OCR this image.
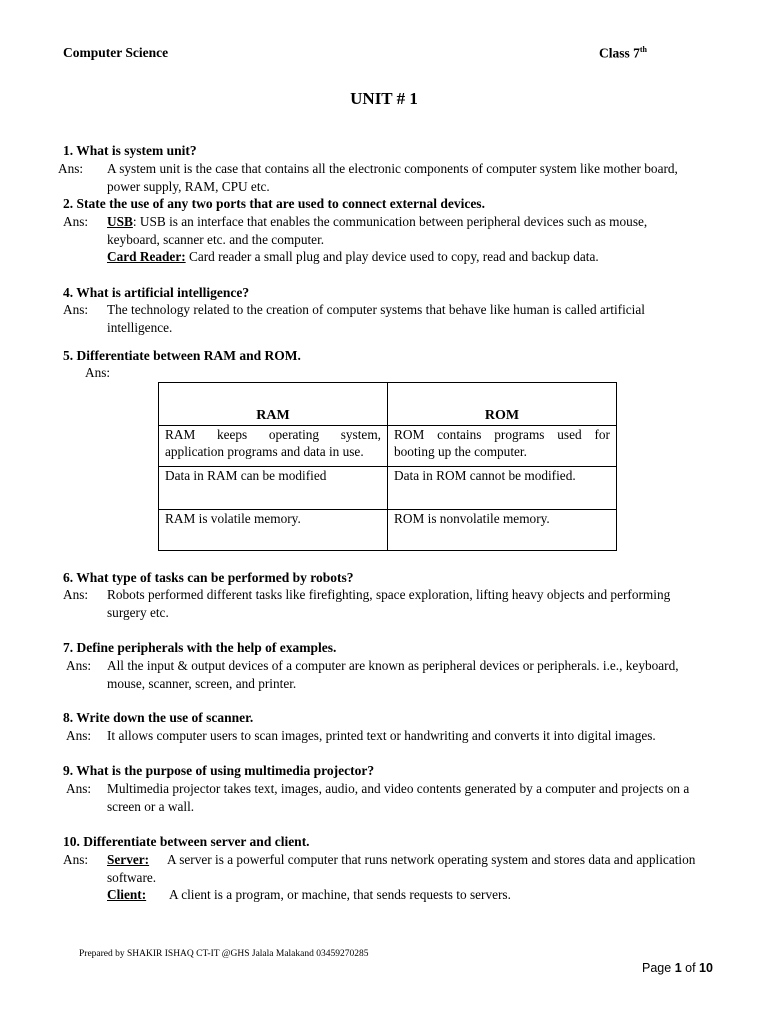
Computer Science	Class 7th
UNIT # 1
1. What is system unit?
Ans: A system unit is the case that contains all the electronic components of computer system like mother board,
power supply, RAM, CPU etc.
2. State the use of any two ports that are used to connect external devices.
Ans: USB: USB is an interface that enables the communication between peripheral devices such as mouse,
keyboard, scanner etc. and the computer.
Card Reader: Card reader a small plug and play device used to copy, read and backup data.
4. What is artificial intelligence?
Ans: The technology related to the creation of computer systems that behave like human is called artificial
intelligence.
5. Differentiate between RAM and ROM.
Ans:
RAM	ROM
RAM keeps operating system, application programs and data in use.	ROM contains programs used for booting up the computer.
Data in RAM can be modified	Data in ROM cannot be modified.
RAM is volatile memory.	ROM is nonvolatile memory.
6. What type of tasks can be performed by robots?
Ans: Robots performed different tasks like firefighting, space exploration, lifting heavy objects and performing
surgery etc.
7. Define peripherals with the help of examples.
Ans: All the input & output devices of a computer are known as peripheral devices or peripherals. i.e., keyboard,
mouse, scanner, screen, and printer.
8. Write down the use of scanner.
Ans: It allows computer users to scan images, printed text or handwriting and converts it into digital images.
9. What is the purpose of using multimedia projector?
Ans: Multimedia projector takes text, images, audio, and video contents generated by a computer and projects on a
screen or a wall.
10. Differentiate between server and client.
Ans: Server:	A server is a powerful computer that runs network operating system and stores data and application
software.
Client:	A client is a program, or machine, that sends requests to servers.
Prepared by SHAKIR ISHAQ CT-IT @GHS Jalala Malakand 03459270285
Page 1 of 10
